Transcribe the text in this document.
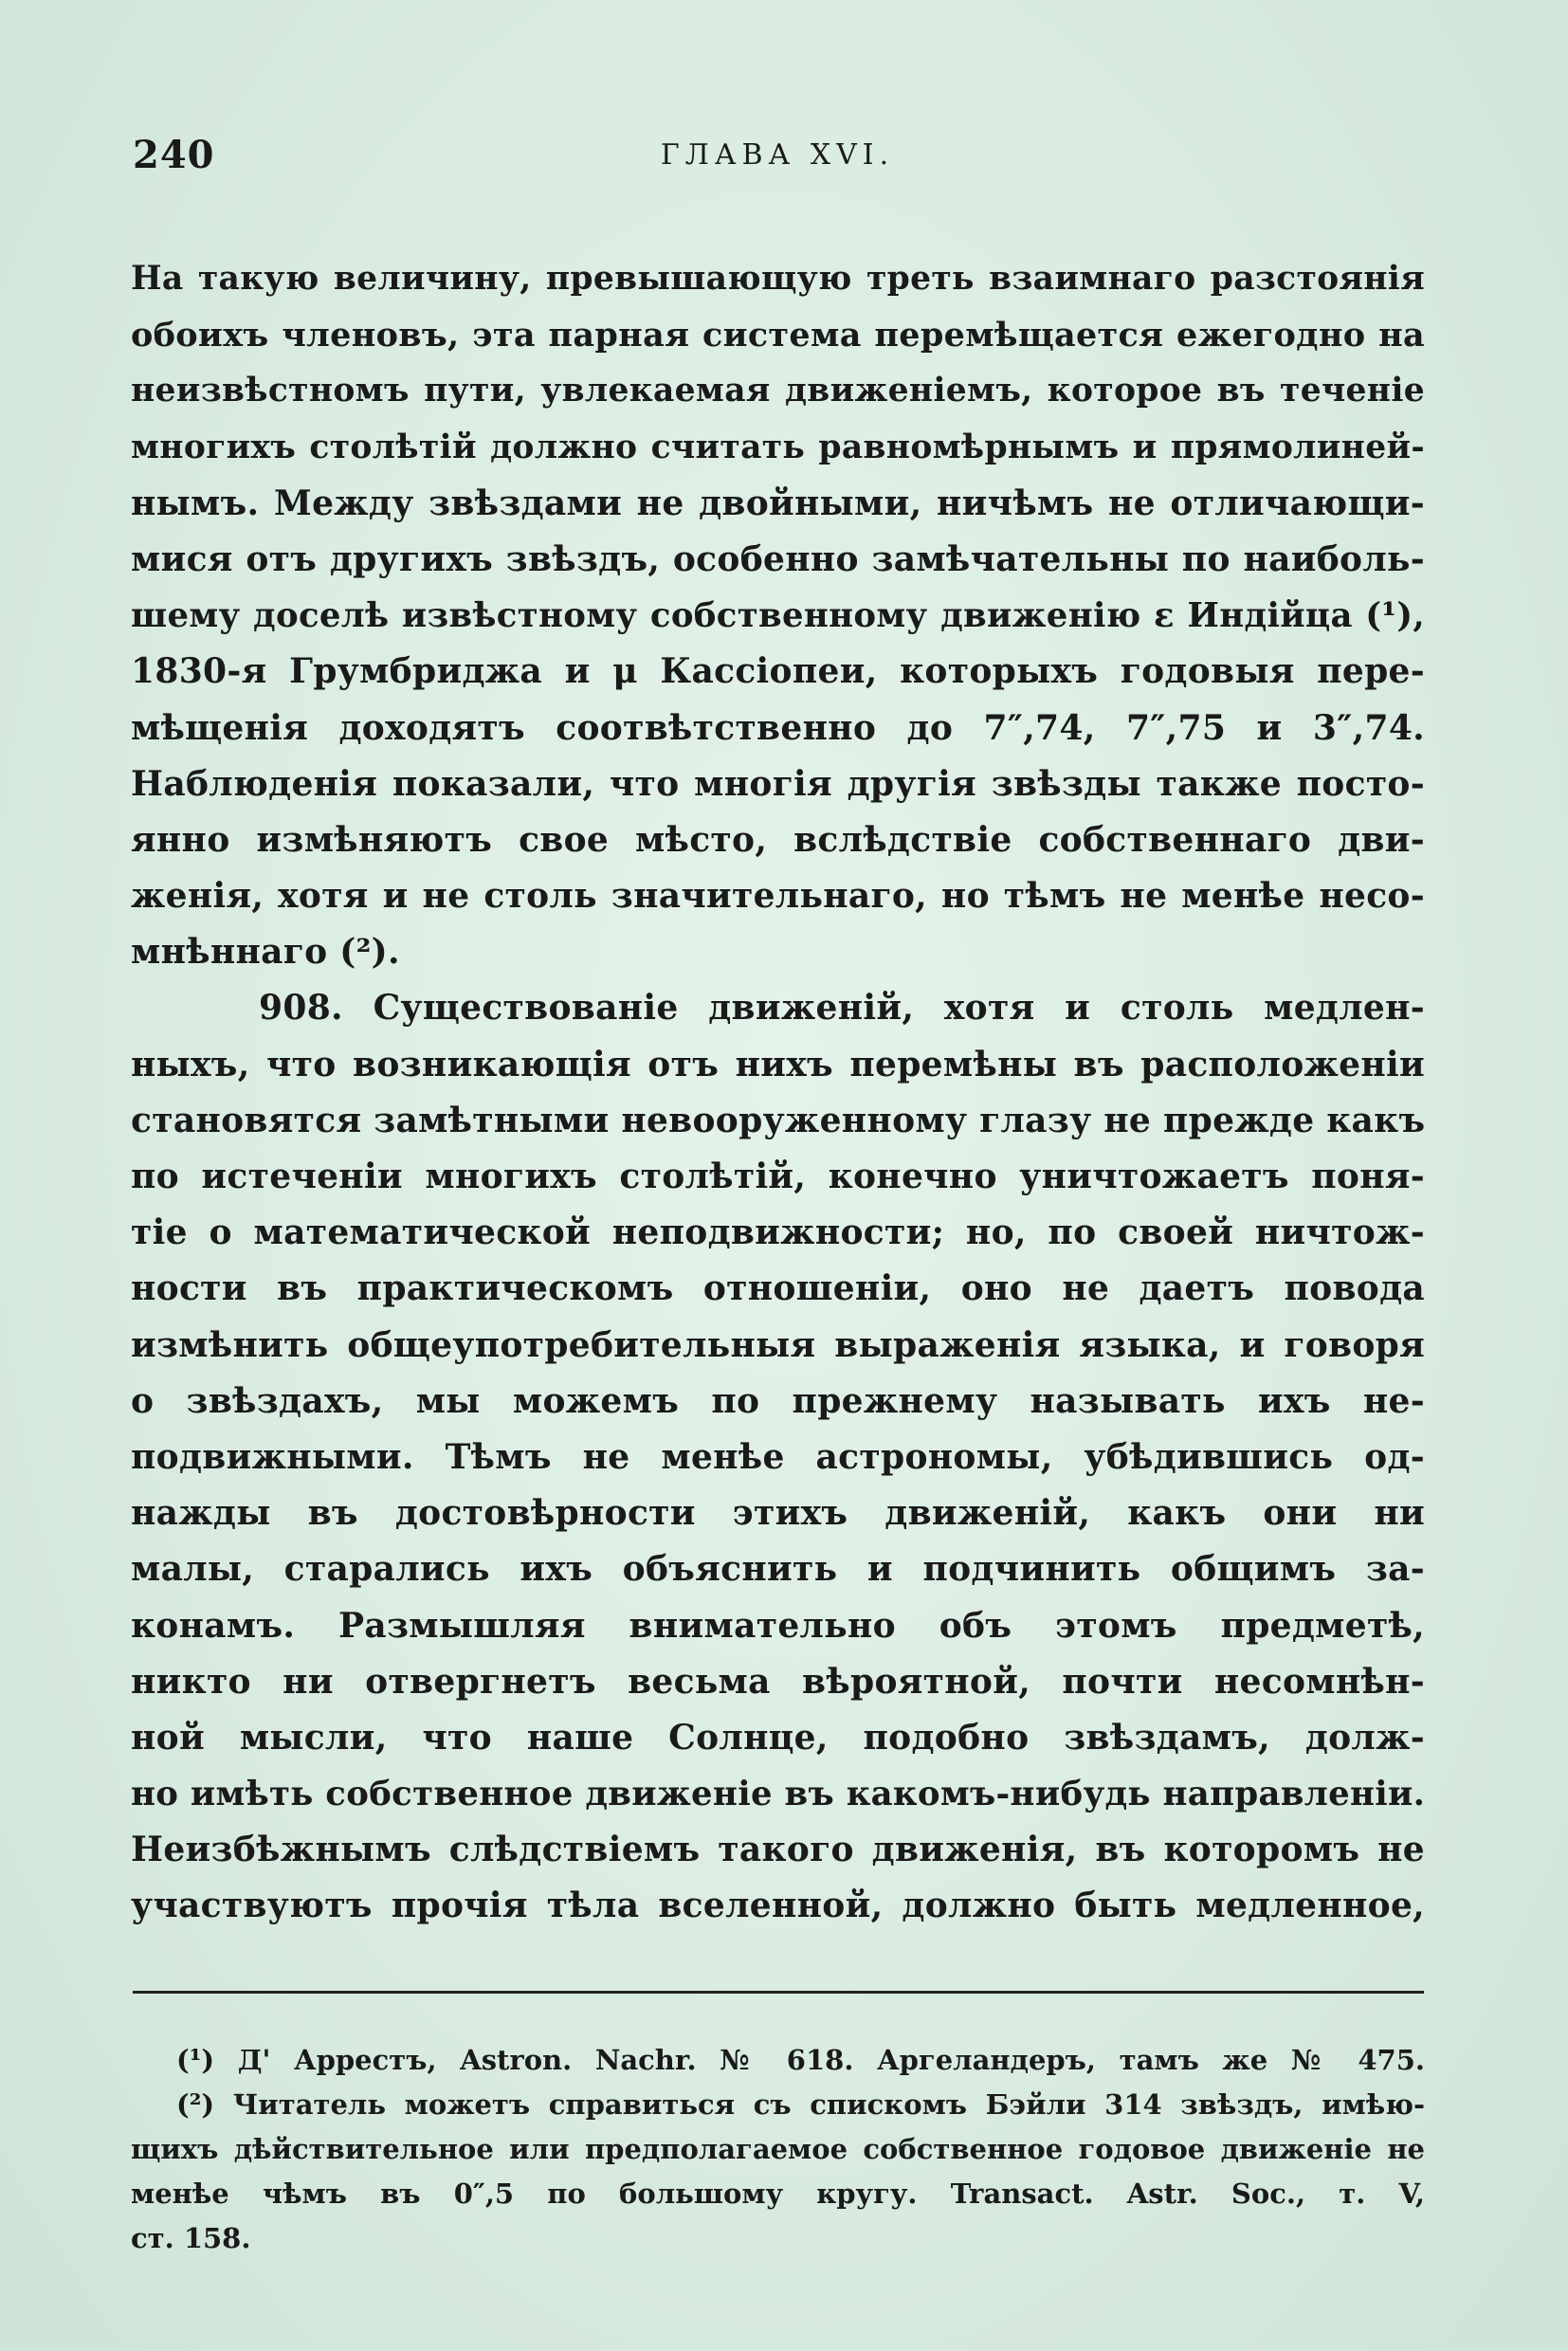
240	ГЛАВА XVI.
На такую величину, превышающую треть взаимнаго разстоянія
обоихъ членовъ, эта парная система перемѣщается ежегодно на
неизвѣстномъ пути, увлекаемая движеніемъ, которое въ теченіе
многихъ столѣтій должно считать равномѣрнымъ и прямолиней-
нымъ. Между звѣздами не двойными, ничѣмъ не отличающи-
мися отъ другихъ звѣздъ, особенно замѣчательны по наиболь-
шему доселѣ извѣстному собственному движенію ε Индійца (¹),
1830-я Грумбриджа и μ Кассіопеи, которыхъ годовыя пере-
мѣщенія доходятъ соотвѣтственно до 7″,74, 7″,75 и 3″,74.
Наблюденія показали, что многія другія звѣзды также посто-
янно измѣняютъ свое мѣсто, вслѣдствіе собственнаго дви-
женія, хотя и не столь значительнаго, но тѣмъ не менѣе несо-
мнѣннаго (²).
908. Существованіе движеній, хотя и столь медлен-
ныхъ, что возникающія отъ нихъ перемѣны въ расположеніи
становятся замѣтными невооруженному глазу не прежде какъ
по истеченіи многихъ столѣтій, конечно уничтожаетъ поня-
тіе о математической неподвижности; но, по своей ничтож-
ности въ практическомъ отношеніи, оно не даетъ повода
измѣнить общеупотребительныя выраженія языка, и говоря
о звѣздахъ, мы можемъ по прежнему называть ихъ не-
подвижными. Тѣмъ не менѣе астрономы, убѣдившись од-
нажды въ достовѣрности этихъ движеній, какъ они ни
малы, старались ихъ объяснить и подчинить общимъ за-
конамъ. Размышляя внимательно объ этомъ предметѣ,
никто ни отвергнетъ весьма вѣроятной, почти несомнѣн-
ной мысли, что наше Солнце, подобно звѣздамъ, долж-
но имѣть собственное движеніе въ какомъ-нибудь направленіи.
Неизбѣжнымъ слѣдствіемъ такого движенія, въ которомъ не
участвуютъ прочія тѣла вселенной, должно быть медленное,
(¹) Д' Аррестъ, Astron. Nachr. № 618. Аргеландеръ, тамъ же № 475.
(²) Читатель можетъ справиться съ спискомъ Бэйли 314 звѣздъ, имѣю-
щихъ дѣйствительное или предполагаемое собственное годовое движеніе не
менѣе чѣмъ въ 0″,5 по большому кругу. Transact. Astr. Soc., т. V,
ст. 158.
